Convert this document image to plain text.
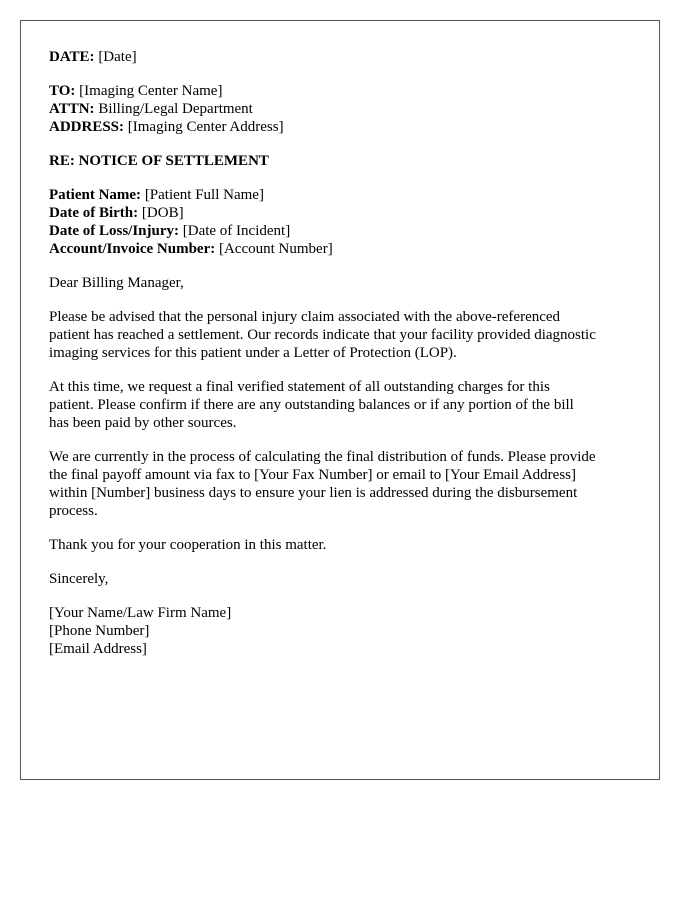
DATE: [Date]
TO: [Imaging Center Name]
ATTN: Billing/Legal Department
ADDRESS: [Imaging Center Address]
RE: NOTICE OF SETTLEMENT
Patient Name: [Patient Full Name]
Date of Birth: [DOB]
Date of Loss/Injury: [Date of Incident]
Account/Invoice Number: [Account Number]
Dear Billing Manager,
Please be advised that the personal injury claim associated with the above-referenced
patient has reached a settlement. Our records indicate that your facility provided diagnostic
imaging services for this patient under a Letter of Protection (LOP).
At this time, we request a final verified statement of all outstanding charges for this
patient. Please confirm if there are any outstanding balances or if any portion of the bill
has been paid by other sources.
We are currently in the process of calculating the final distribution of funds. Please provide
the final payoff amount via fax to [Your Fax Number] or email to [Your Email Address]
within [Number] business days to ensure your lien is addressed during the disbursement
process.
Thank you for your cooperation in this matter.
Sincerely,
[Your Name/Law Firm Name]
[Phone Number]
[Email Address]
